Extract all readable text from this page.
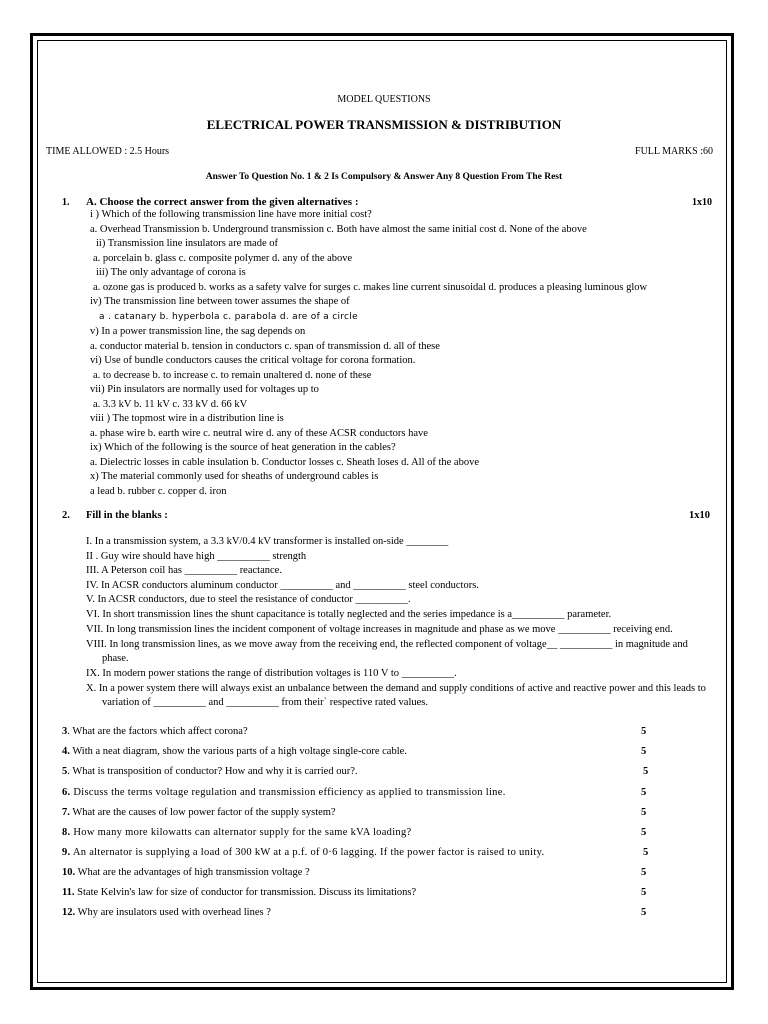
MODEL QUESTIONS
ELECTRICAL POWER TRANSMISSION & DISTRIBUTION
TIME ALLOWED : 2.5 Hours	FULL MARKS :60
Answer To Question No. 1 & 2 Is Compulsory & Answer Any 8 Question From The Rest
1. A. Choose the correct answer from the given alternatives :	1x10
i ) Which of the following transmission line have more initial cost?
a. Overhead Transmission b. Underground transmission c. Both have almost the same initial cost d. None of the above
ii) Transmission line insulators are made of
a. porcelain b. glass c. composite polymer d. any of the above
iii) The only advantage of corona is
a. ozone gas is produced b. works as a safety valve for surges c. makes line current sinusoidal d. produces a pleasing luminous glow
iv) The transmission line between tower assumes the shape of
a . catanary b. hyperbola c. parabola d. are of a circle
v) In a power transmission line, the sag depends on
a. conductor material b. tension in conductors c. span of transmission d. all of these
vi) Use of bundle conductors causes the critical voltage for corona formation.
a. to decrease b. to increase c. to remain unaltered d. none of these
vii) Pin insulators are normally used for voltages up to
a. 3.3 kV b. 11 kV c. 33 kV d. 66 kV
viii ) The topmost wire in a distribution line is
a. phase wire b. earth wire c. neutral wire d. any of these ACSR conductors have
ix) Which of the following is the source of heat generation in the cables?
a. Dielectric losses in cable insulation b. Conductor losses c. Sheath loses d. All of the above
x) The material commonly used for sheaths of underground cables is
a lead b. rubber c. copper d. iron
2. Fill in the blanks :	1x10
I. In a transmission system, a 3.3 kV/0.4 kV transformer is installed on-side ________
II . Guy wire should have high __________ strength
III. A Peterson coil has __________ reactance.
IV. In ACSR conductors aluminum conductor __________ and __________ steel conductors.
V. In ACSR conductors, due to steel the resistance of conductor __________.
VI. In short transmission lines the shunt capacitance is totally neglected and the series impedance is a__________ parameter.
VII. In long transmission lines the incident component of voltage increases in magnitude and phase as we move __________ receiving end.
VIII. In long transmission lines, as we move away from the receiving end, the reflected component of voltage__ __________ in magnitude and
phase.
IX. In modern power stations the range of distribution voltages is 110 V to __________.
X. In a power system there will always exist an unbalance between the demand and supply conditions of active and reactive power and this leads to
variation of __________ and __________ from their` respective rated values.
3. What are the factors which affect corona?	5
4. With a neat diagram, show the various parts of a high voltage single-core cable.	5
5. What is transposition of conductor? How and why it is carried our?.	5
6. Discuss the terms voltage regulation and transmission efficiency as applied to transmission line.	5
7. What are the causes of low power factor of the supply system?	5
8. How many more kilowatts can alternator supply for the same kVA loading?	5
9. An alternator is supplying a load of 300 kW at a p.f. of 0·6 lagging. If the power factor is raised to unity.	5
10. What are the advantages of high transmission voltage ?	5
11. State Kelvin's law for size of conductor for transmission. Discuss its limitations?	5
12. Why are insulators used with overhead lines ?	5
